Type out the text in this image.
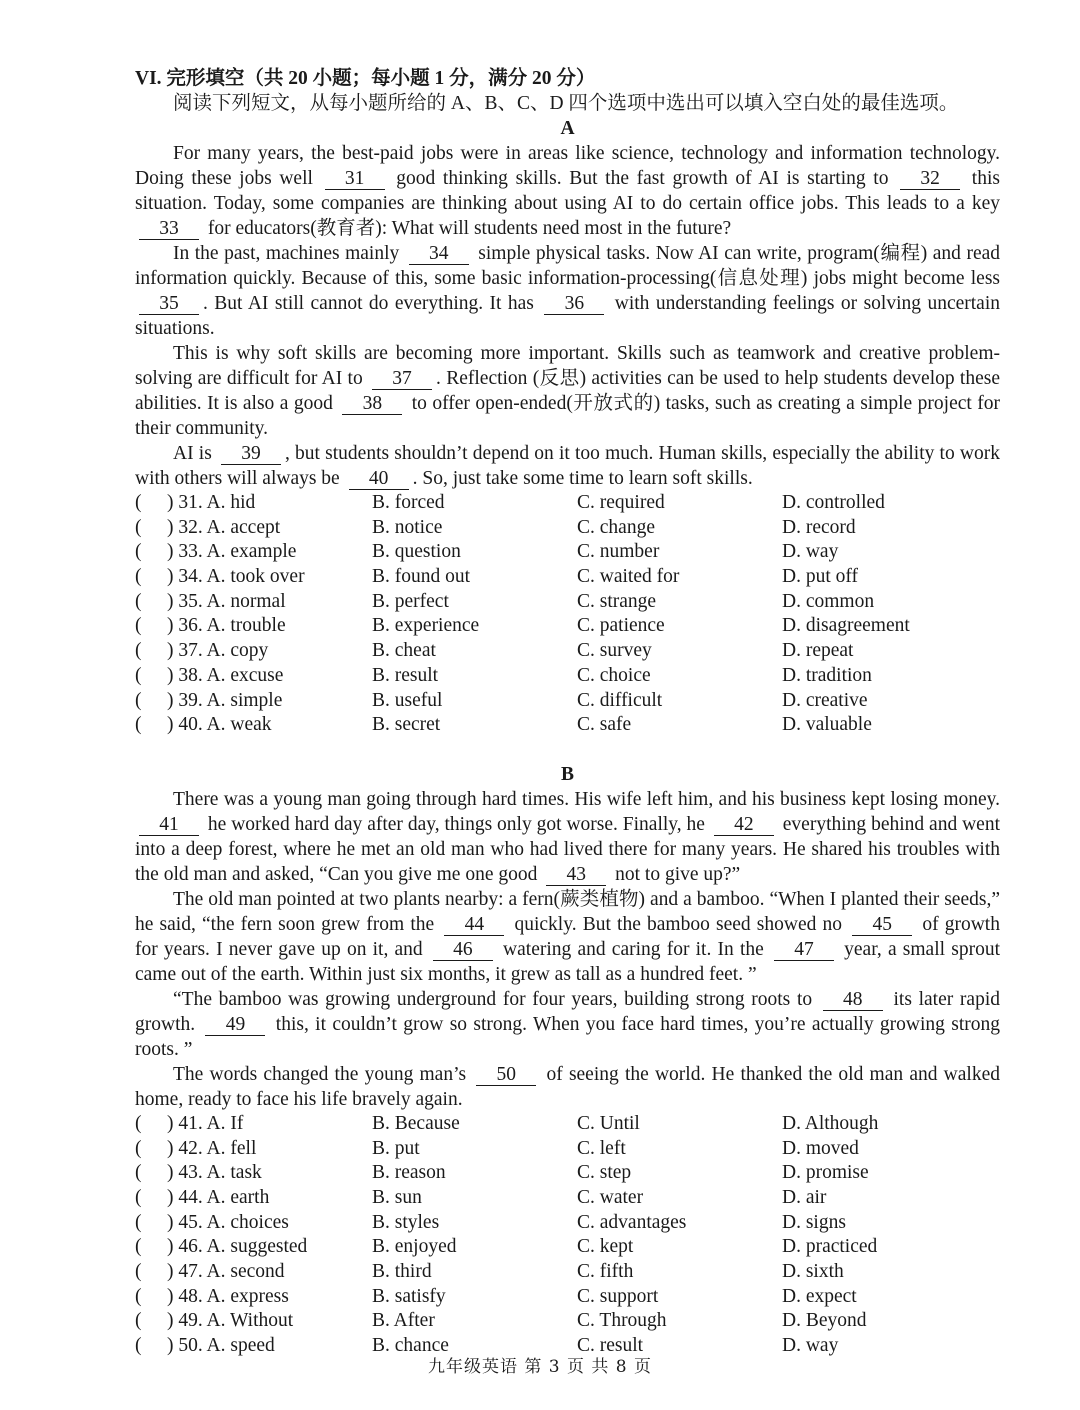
VI. 完形填空（共 20 小题；每小题 1 分，满分 20 分）

阅读下列短文，从每小题所给的 A、B、C、D 四个选项中选出可以填入空白处的最佳选项。

A

For many years, the best-paid jobs were in areas like science, technology and information technology. Doing these jobs well 31 good thinking skills. But the fast growth of AI is starting to 32 this situation. Today, some companies are thinking about using AI to do certain office jobs. This leads to a key 33 for educators(教育者): What will students need most in the future?

In the past, machines mainly 34 simple physical tasks. Now AI can write, program(编程) and read information quickly. Because of this, some basic information-processing(信息处理) jobs might become less 35 . But AI still cannot do everything. It has 36 with understanding feelings or solving uncertain situations.

This is why soft skills are becoming more important. Skills such as teamwork and creative problem-solving are difficult for AI to 37 . Reflection (反思) activities can be used to help students develop these abilities. It is also a good 38 to offer open-ended(开放式的) tasks, such as creating a simple project for their community.

AI is 39 , but students shouldn’t depend on it too much. Human skills, especially the ability to work with others will always be 40 . So, just take some time to learn soft skills.

( ) 31. A. hid	B. forced	C. required	D. controlled
( ) 32. A. accept	B. notice	C. change	D. record
( ) 33. A. example	B. question	C. number	D. way
( ) 34. A. took over	B. found out	C. waited for	D. put off
( ) 35. A. normal	B. perfect	C. strange	D. common
( ) 36. A. trouble	B. experience	C. patience	D. disagreement
( ) 37. A. copy	B. cheat	C. survey	D. repeat
( ) 38. A. excuse	B. result	C. choice	D. tradition
( ) 39. A. simple	B. useful	C. difficult	D. creative
( ) 40. A. weak	B. secret	C. safe	D. valuable

B

There was a young man going through hard times. His wife left him, and his business kept losing money. 41 he worked hard day after day, things only got worse. Finally, he 42 everything behind and went into a deep forest, where he met an old man who had lived there for many years. He shared his troubles with the old man and asked, “Can you give me one good 43 not to give up?”

The old man pointed at two plants nearby: a fern(蕨类植物) and a bamboo. “When I planted their seeds,” he said, “the fern soon grew from the 44 quickly. But the bamboo seed showed no 45 of growth for years. I never gave up on it, and 46 watering and caring for it. In the 47 year, a small sprout came out of the earth. Within just six months, it grew as tall as a hundred feet. ”

“The bamboo was growing underground for four years, building strong roots to 48 its later rapid growth. 49 this, it couldn’t grow so strong. When you face hard times, you’re actually growing strong roots. ”

The words changed the young man’s 50 of seeing the world. He thanked the old man and walked home, ready to face his life bravely again.

( ) 41. A. If	B. Because	C. Until	D. Although
( ) 42. A. fell	B. put	C. left	D. moved
( ) 43. A. task	B. reason	C. step	D. promise
( ) 44. A. earth	B. sun	C. water	D. air
( ) 45. A. choices	B. styles	C. advantages	D. signs
( ) 46. A. suggested	B. enjoyed	C. kept	D. practiced
( ) 47. A. second	B. third	C. fifth	D. sixth
( ) 48. A. express	B. satisfy	C. support	D. expect
( ) 49. A. Without	B. After	C. Through	D. Beyond
( ) 50. A. speed	B. chance	C. result	D. way
九年级英语 第 3 页 共 8 页
